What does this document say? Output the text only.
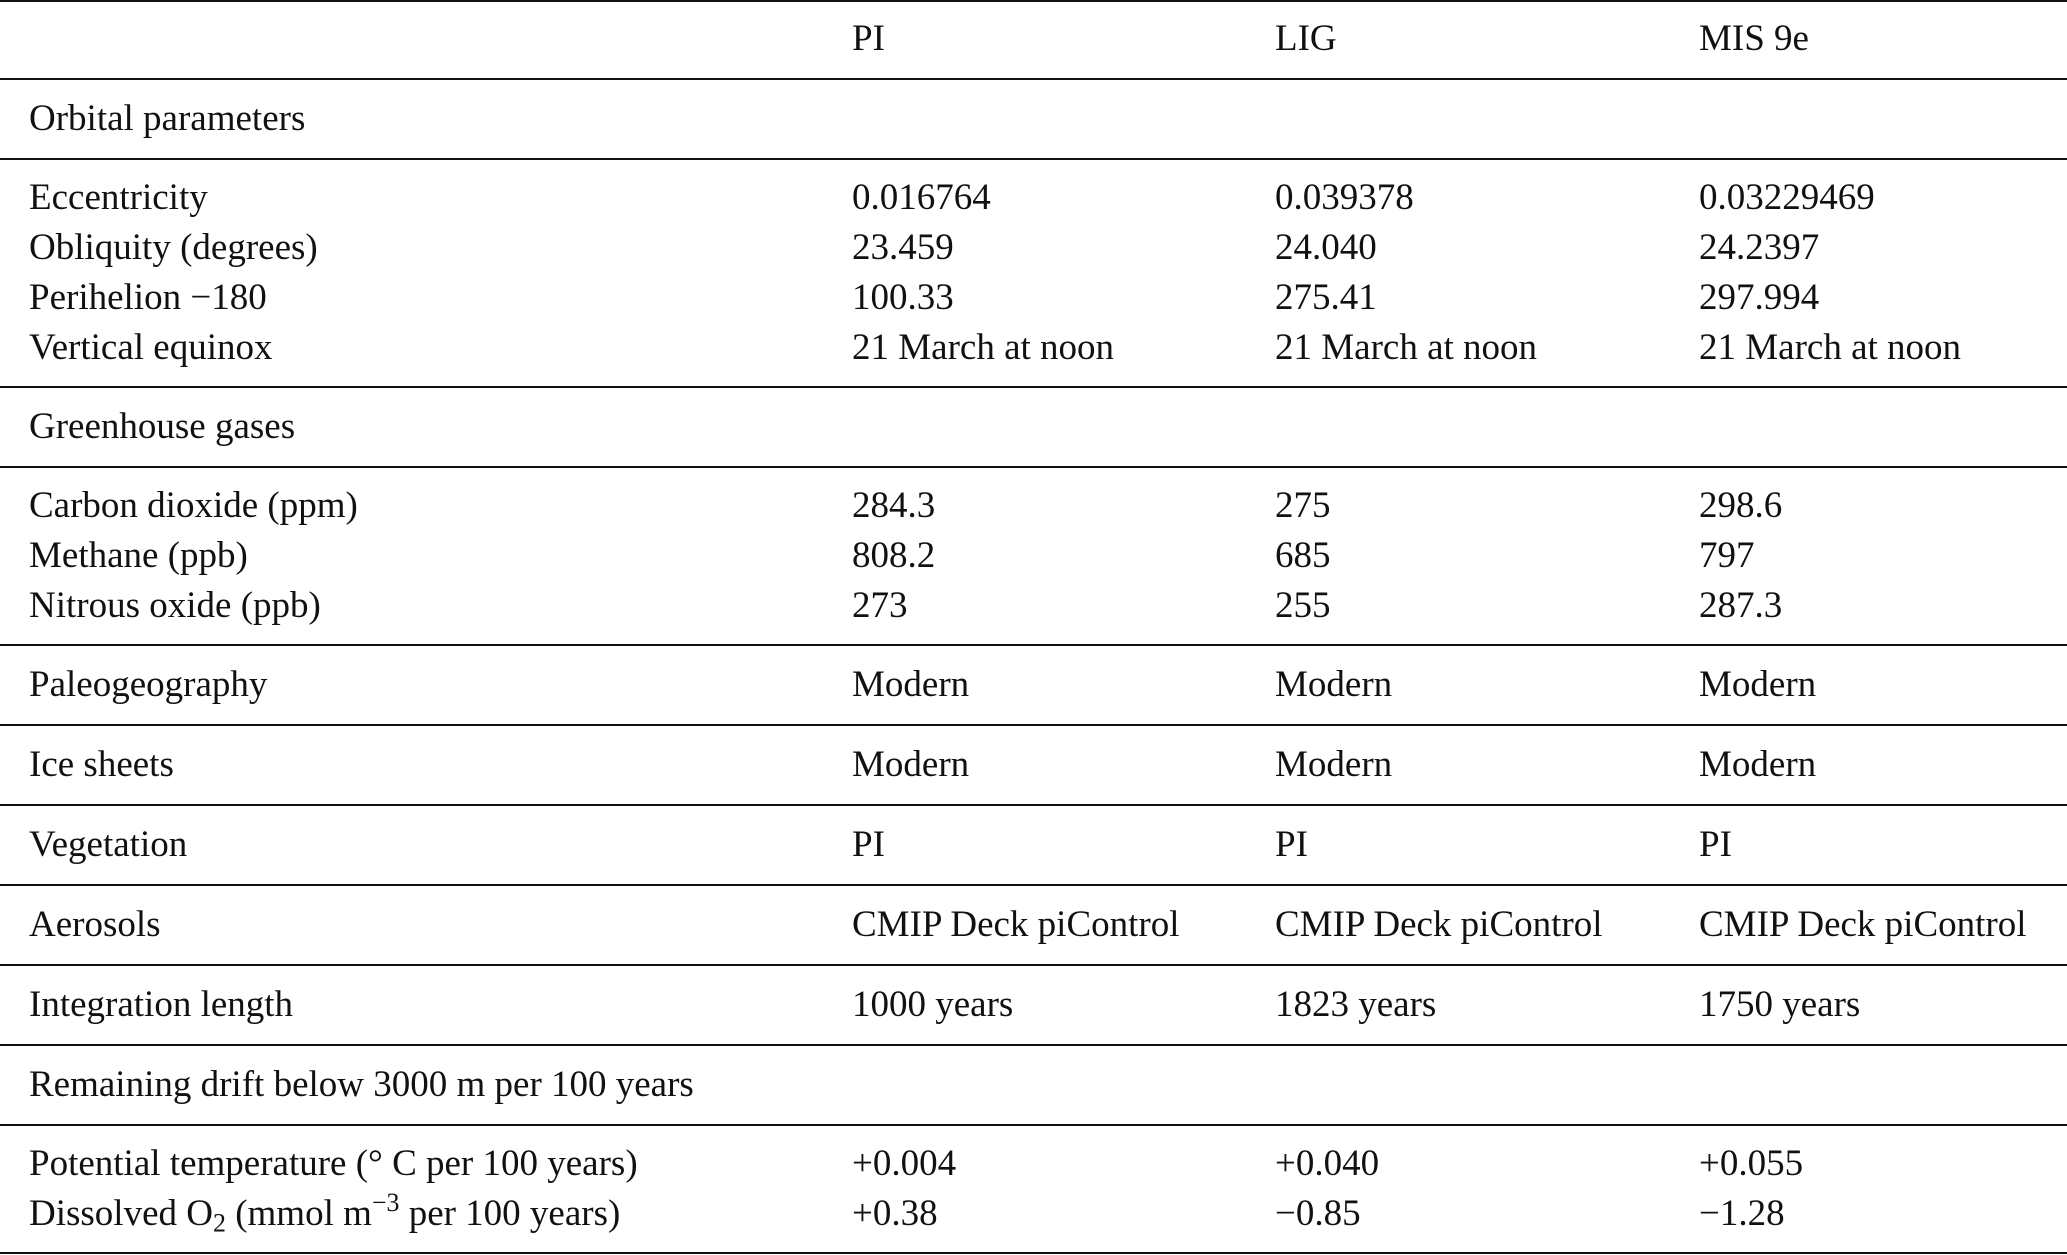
	PI	LIG	MIS 9e
Orbital parameters			
Eccentricity	0.016764	0.039378	0.03229469
Obliquity (degrees)	23.459	24.040	24.2397
Perihelion −180	100.33	275.41	297.994
Vertical equinox	21 March at noon	21 March at noon	21 March at noon
Greenhouse gases			
Carbon dioxide (ppm)	284.3	275	298.6
Methane (ppb)	808.2	685	797
Nitrous oxide (ppb)	273	255	287.3
Paleogeography	Modern	Modern	Modern
Ice sheets	Modern	Modern	Modern
Vegetation	PI	PI	PI
Aerosols	CMIP Deck piControl	CMIP Deck piControl	CMIP Deck piControl
Integration length	1000 years	1823 years	1750 years
Remaining drift below 3000 m per 100 years			
Potential temperature (° C per 100 years)	+0.004	+0.040	+0.055
Dissolved $O_2$ (mmol $m^{-3}$ per 100 years)	+0.38	−0.85	−1.28
